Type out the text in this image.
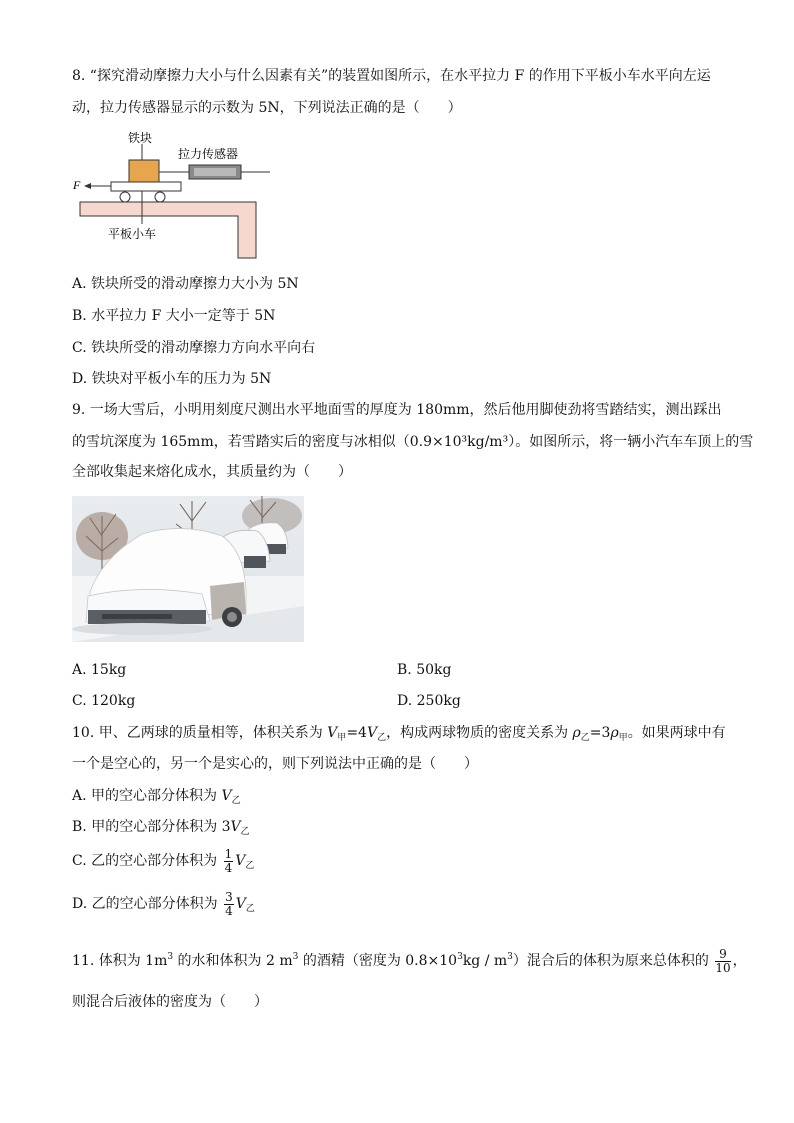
8. “探究滑动摩擦力大小与什么因素有关”的装置如图所示，在水平拉力 F 的作用下平板小车水平向左运
动，拉力传感器显示的示数为 5N，下列说法正确的是（　　）
铁块
拉力传感器
F
平板小车
A. 铁块所受的滑动摩擦力大小为 5N
B. 水平拉力 F 大小一定等于 5N
C. 铁块所受的滑动摩擦力方向水平向右
D. 铁块对平板小车的压力为 5N
9. 一场大雪后，小明用刻度尺测出水平地面雪的厚度为 180mm，然后他用脚使劲将雪踏结实，测出踩出
的雪坑深度为 165mm，若雪踏实后的密度与冰相似（0.9×10³kg/m³）。如图所示，将一辆小汽车车顶上的雪
全部收集起来熔化成水，其质量约为（　　）
A. 15kg	B. 50kg
C. 120kg	D. 250kg
10. 甲、乙两球的质量相等，体积关系为 $V_甲=4V_乙$，构成两球物质的密度关系为 $\rho_乙=3\rho_甲$。如果两球中有
一个是空心的，另一个是实心的，则下列说法中正确的是（　　）
A. 甲的空心部分体积为 $V_乙$
B. 甲的空心部分体积为 $3V_乙$
C. 乙的空心部分体积为 $\frac{1}{4} V_乙$
D. 乙的空心部分体积为 $\frac{3}{4} V_乙$
11. 体积为 $1m^3$ 的水和体积为 2 $m^3$ 的酒精（密度为 $0.8\times 10^3kg / m^3$）混合后的体积为原来总体积的 $\frac{9}{10}$ ，
则混合后液体的密度为（　　）
